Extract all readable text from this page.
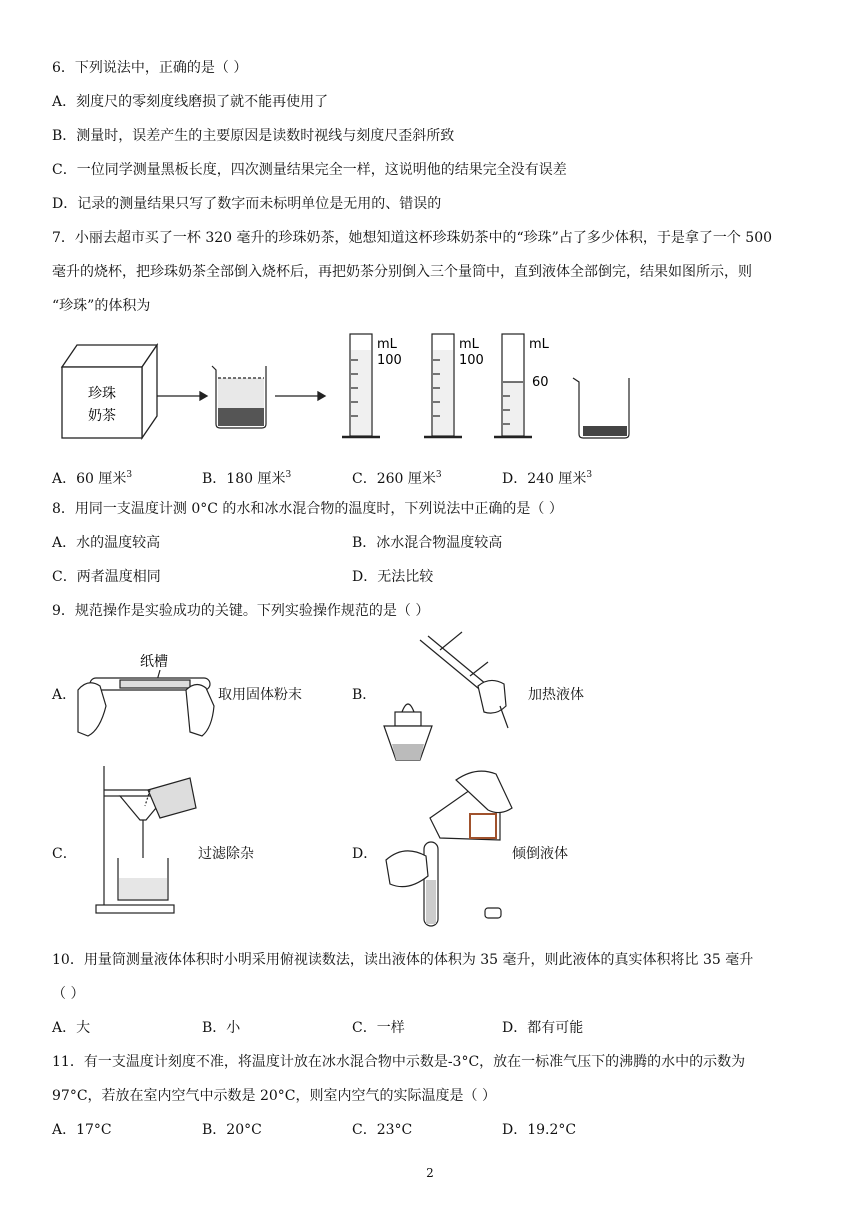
6．下列说法中，正确的是（ ）
A．刻度尺的零刻度线磨损了就不能再使用了
B．测量时，误差产生的主要原因是读数时视线与刻度尺歪斜所致
C．一位同学测量黑板长度，四次测量结果完全一样，这说明他的结果完全没有误差
D．记录的测量结果只写了数字而未标明单位是无用的、错误的
7．小丽去超市买了一杯 320 毫升的珍珠奶茶，她想知道这杯珍珠奶茶中的“珍珠”占了多少体积，于是拿了一个 500
毫升的烧杯，把珍珠奶茶全部倒入烧杯后，再把奶茶分别倒入三个量筒中，直到液体全部倒完，结果如图所示，则
“珍珠”的体积为
珍珠
奶茶
mL
100
mL
100
mL
60
A．60 厘米$^3$	B．180 厘米$^3$	C．260 厘米$^3$	D．240 厘米$^3$
8．用同一支温度计测 0°C 的水和冰水混合物的温度时，下列说法中正确的是（ ）
A．水的温度较高	B．冰水混合物温度较高
C．两者温度相同	D．无法比较
9．规范操作是实验成功的关键。下列实验操作规范的是（ ）
A．	取用固体粉末	B．	加热液体
C．	过滤除杂	D．	倾倒液体
纸槽
10．用量筒测量液体体积时小明采用俯视读数法，读出液体的体积为 35 毫升，则此液体的真实体积将比 35 毫升
（ ）
A．大	B．小	C．一样	D．都有可能
11．有一支温度计刻度不准，将温度计放在冰水混合物中示数是-3°C，放在一标准气压下的沸腾的水中的示数为
97°C，若放在室内空气中示数是 20°C，则室内空气的实际温度是（ ）
A．17°C	B．20°C	C．23°C	D．19.2°C
2
